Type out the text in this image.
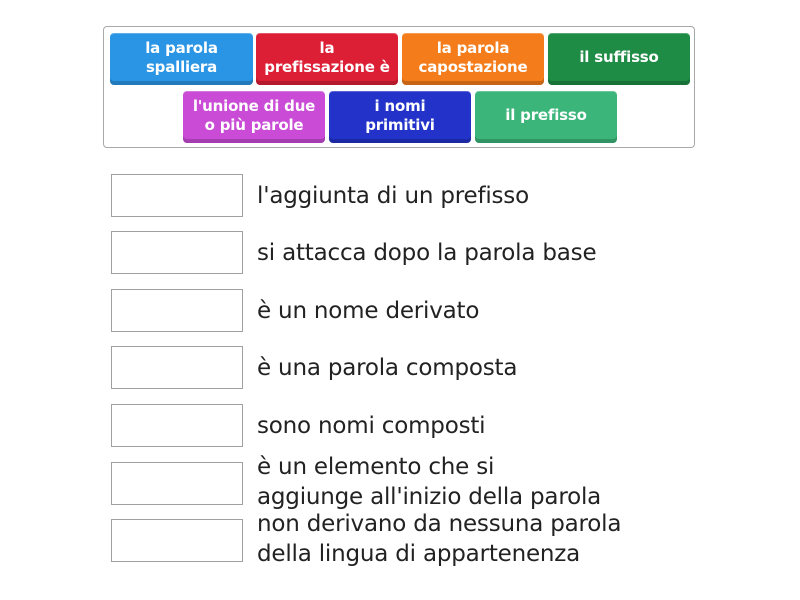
la parola
spalliera
la
prefissazione è
la parola
capostazione
il suffisso
l'unione di due
o più parole
i nomi
primitivi
il prefisso
l'aggiunta di un prefisso
si attacca dopo la parola base
è un nome derivato
è una parola composta
sono nomi composti
è un elemento che si
aggiunge all'inizio della parola
non derivano da nessuna parola
della lingua di appartenenza
